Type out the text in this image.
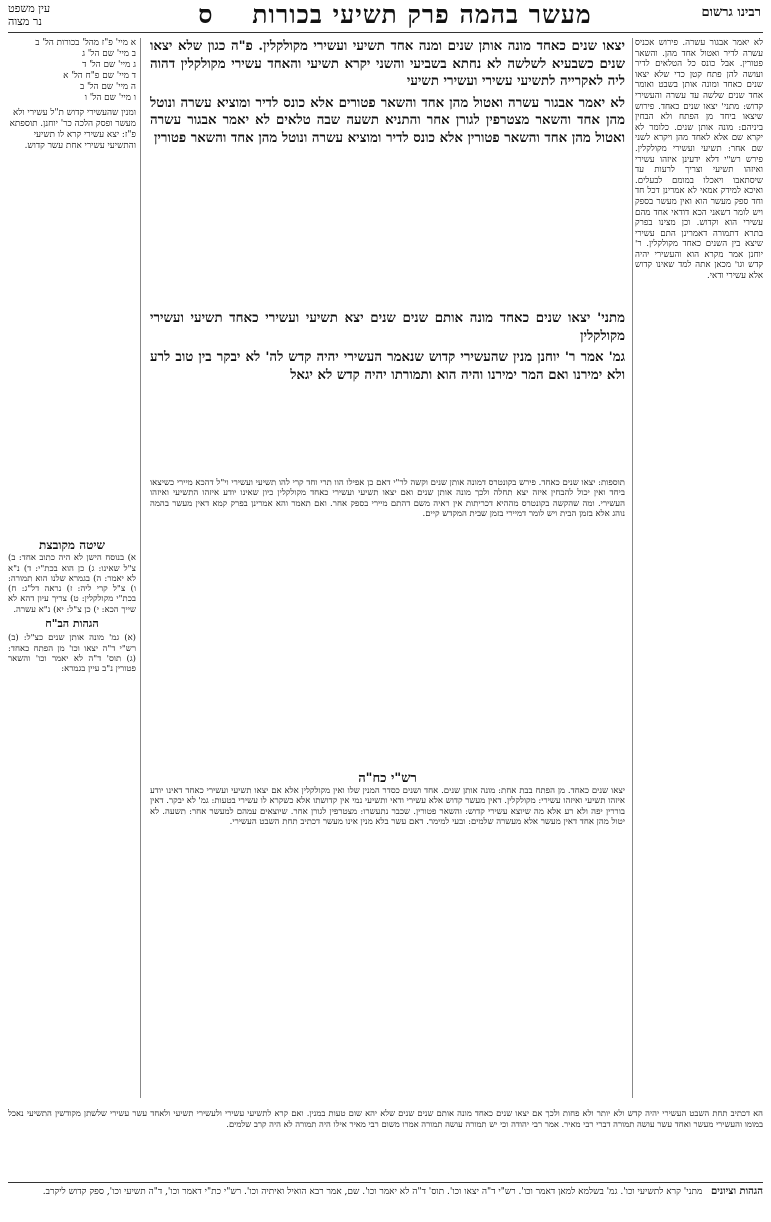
רבינו גרשום
מעשר בהמה פרק תשיעי בכורות    ס
עין משפט
נר מצוה

לא יאמר אבגור עשרה. פירוש אכניס עשרה לדיר ואטול אחד מהן. והשאר פטורין. אבל כונס כל הטלאים לדיר ועושה להן פתח קטן כדי שלא יצאו שנים כאחד ומונה אותן בשבט ואומר אחד שנים שלשה עד עשרה והעשירי קדוש: מתני' יצאו שנים כאחד. פירוש שיצאו ביחד מן הפתח ולא הבחין ביניהם: מונה אותן שנים. כלומר לא יקרא שם אלא לאחד מהן ויקרא לשני שם אחר: תשיעי ועשירי מקולקלין. פירש רש"י דלא ידעינן איזהו עשירי ואיזהו תשיעי וצריך לרעות עד שיסתאבו ויאכלו במומם לבעלים. ואיכא למידק אמאי לא אמרינן דכל חד וחד ספק מעשר הוא ואין מעשר בספק ויש לומר דשאני הכא דודאי אחד מהם עשירי הוא וקדוש. וכן מצינו בפרק בתרא דתמורה דאמרינן התם עשירי שיצא בין השנים כאחד מקולקלין. ר' יוחנן אמר מקרא הוא והעשירי יהיה קדש וגו' מכאן אתה למד שאינו קדוש אלא עשירי ודאי.

יצאו שנים כאחד מונה אותן שנים ומנה אחד תשיעי ועשירי מקולקלין. פ"ה כגון שלא יצאו שנים כשבעיא לשלשה לא נחתא בשביעי והשני יקרא תשיעי והאחד עשירי מקולקלין דהוה ליה לאקרייה לתשיעי עשירי ועשירי תשיעי

לא יאמר אבגור עשרה ואטול מהן אחד והשאר פטורים אלא כונס לדיר ומוציא עשרה ונוטל מהן אחד והשאר מצטרפין לגורן אחר והתניא תשעה שבה טלאים לא יאמר אבגור עשרה ואטול מהן אחד והשאר פטורין אלא כונס לדיר ומוציא עשרה ונוטל מהן אחד והשאר פטורין

מתני' יצאו שנים כאחד מונה אותם שנים שנים יצא תשיעי ועשירי כאחד תשיעי ועשירי מקולקלין

גמ' אמר ר' יוחנן מנין שהעשירי קדוש שנאמר העשירי יהיה קדש לה' לא יבקר בין טוב לרע ולא ימירנו ואם המר ימירנו והיה הוא ותמורתו יהיה קדש לא יגאל

תוספות: יצאו שנים כאחד. פירש בקונטרס דמונה אותן שנים וקשה לר"י דאם כן אפילו הוו תרי וחד קרי להו תשיעי ועשירי וי"ל דהכא מיירי כשיצאו ביחד ואין יכול להבחין איזה יצא תחלה ולכך מונה אותן שנים ואם יצאו תשיעי ועשירי כאחד מקולקלין כיון שאינו יודע איזהו התשיעי ואיזהו העשירי. ומה שהקשה בקונטרס מההיא דכריתות אין ראיה משם דהתם מיירי בספק אחר. ואם תאמר והא אמרינן בפרק קמא דאין מעשר בהמה נוהג אלא בזמן הבית ויש לומר דמיירי בזמן שבית המקדש קיים.

רש"י כח"ה

יצאו שנים כאחד. מן הפתח בבת אחת: מונה אותן שנים. אחד ושנים כסדר המנין שלו ואין מקולקלין אלא אם יצאו תשיעי ועשירי כאחד דאינו יודע איזהו תשיעי ואיזהו עשירי: מקולקלין. דאין מעשר קדוש אלא עשירי ודאי ותשיעי נמי אין קדושתו אלא כשקרא לו עשירי בטעות: גמ' לא יבקר. דאין בוררין יפה ולא רע אלא מה שיוצא עשירי קדוש: והשאר פטורין. שכבר נתעשרו: מצטרפין לגורן אחר. שיוצאים עמהם למעשר אחר: תשעה. לא יטול מהן אחד דאין מעשר אלא מעשרה שלמים: ובעי למימר. דאם עשר בלא מנין אינו מעשר דכתיב תחת השבט העשירי.

א מיי' פ"ז מהל' בכורות הל' ב
ב מיי' שם הל' ג
ג מיי' שם הל' ד
ד מיי' שם פ"ח הל' א
ה מיי' שם הל' ב
ו מיי' שם הל' ו

ומנין שהעשירי קדוש ת"ל עשירי ולא מעשר ופסק הלכה כר' יוחנן. תוספתא פ"ז: יצא עשירי קרא לו תשיעי והתשיעי עשירי אחת עשר קדוש.

שיטה מקובצת

א) בנוסח הישן לא היה כתוב אחד: ב) צ"ל שאינו: ג) כן הוא בכת"י: ד) נ"א לא יאמר: ה) בגמרא שלנו הוא תמורה: ו) צ"ל קרי ליה: ז) נראה דל"ג: ח) בכת"י מקולקלין: ט) צריך עיון דהא לא שייך הכא: י) כן צ"ל: יא) נ"א עשרה.

הגהות הב"ח

(א) גמ' מונה אותן שנים כצ"ל: (ב) רש"י ד"ה יצאו וכו' מן הפתח כאחד: (ג) תוס' ד"ה לא יאמר וכו' והשאר פטורין נ"ב עיין בגמרא:

הא דכתיב תחת השבט העשירי יהיה קדש ולא יותר ולא פחות ולכך אם יצאו שנים כאחד מונה אותם שנים שנים שלא יהא שום טעות במנין. ואם קרא לתשיעי עשירי ולעשירי תשיעי ולאחד עשר עשירי שלשתן מקודשין התשיעי נאכל במומו והעשירי מעשר ואחד עשר עושה תמורה דברי רבי מאיר. אמר רבי יהודה וכי יש תמורה עושה תמורה אמרו משום רבי מאיר אילו היה תמורה לא היה קרב שלמים.

הגהות וציונים   מתני' קרא לתשיעי וכו'. גמ' בשלמא למאן דאמר וכו'. רש"י ד"ה יצאו וכו'. תוס' ד"ה לא יאמר וכו'. שם, אמר רבא הואיל ואיתיה וכו'. רש"י כת"י דאמר וכו', ד"ה תשיעי וכו', ספק קדוש ליקרב.
